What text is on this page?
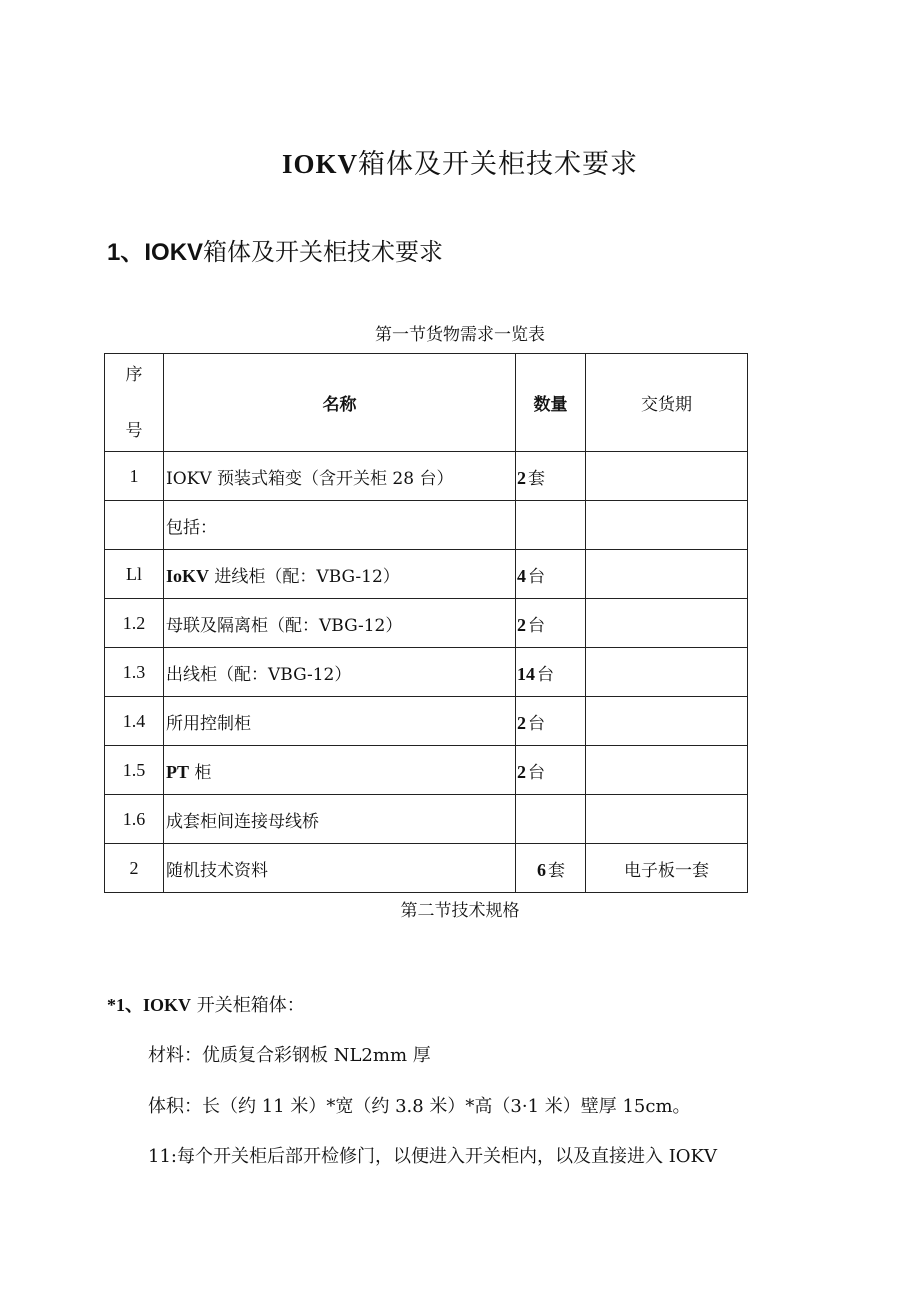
IOKV箱体及开关柜技术要求
1、IOKV箱体及开关柜技术要求
第一节货物需求一览表
序

号	名称	数量	交货期
1	IOKV 预装式箱变（含开关柜 28 台）	2 套	
	包括：		
Ll	IoKV 进线柜（配：VBG-12）	4 台	
1.2	母联及隔离柜（配：VBG-12）	2 台	
1.3	出线柜（配：VBG-12）	14 台	
1.4	所用控制柜	2 台	
1.5	PT 柜	2 台	
1.6	成套柜间连接母线桥		
2	随机技术资料	6 套	电子板一套
第二节技术规格
*1、IOKV 开关柜箱体：
材料：优质复合彩钢板 NL2mm 厚
体积：长（约 11 米）*宽（约 3.8 米）*高（3·1 米）壁厚 15cm。
11:每个开关柜后部开检修门，以便进入开关柜内，以及直接进入 IOKV
